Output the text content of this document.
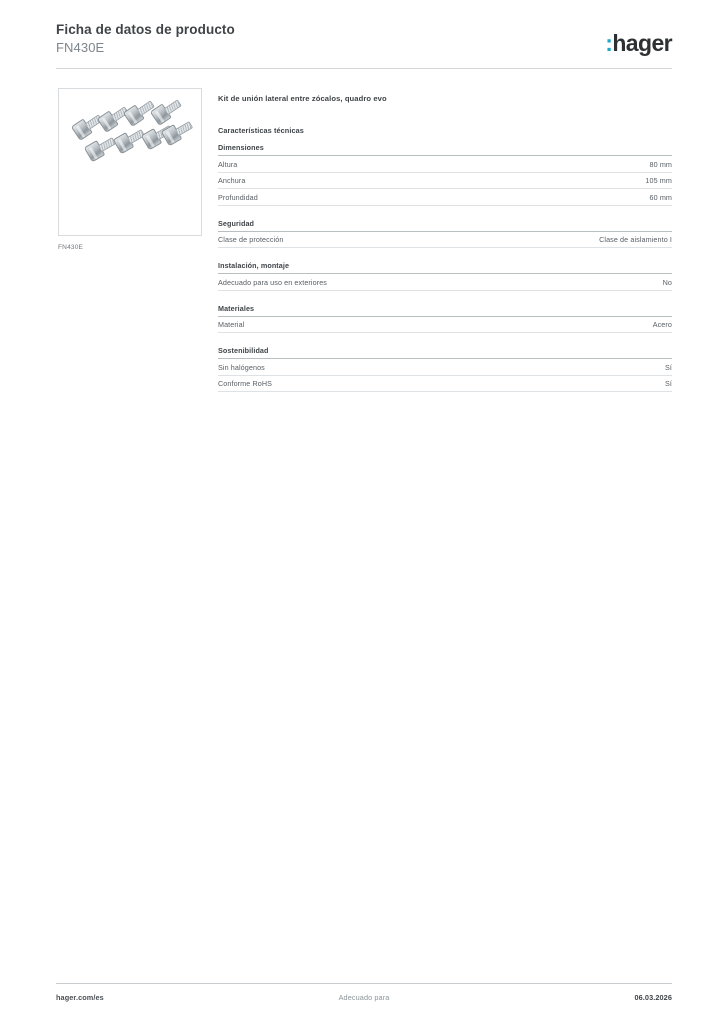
Ficha de datos de producto
FN430E	:hager
FN430E
Kit de unión lateral entre zócalos, quadro evo
Características técnicas
Dimensiones
Altura	80 mm
Anchura	105 mm
Profundidad	60 mm
Seguridad
Clase de protección	Clase de aislamiento I
Instalación, montaje
Adecuado para uso en exteriores	No
Materiales
Material	Acero
Sostenibilidad
Sin halógenos	Sí
Conforme RoHS	Sí
hager.com/es	Adecuado para	06.03.2026
